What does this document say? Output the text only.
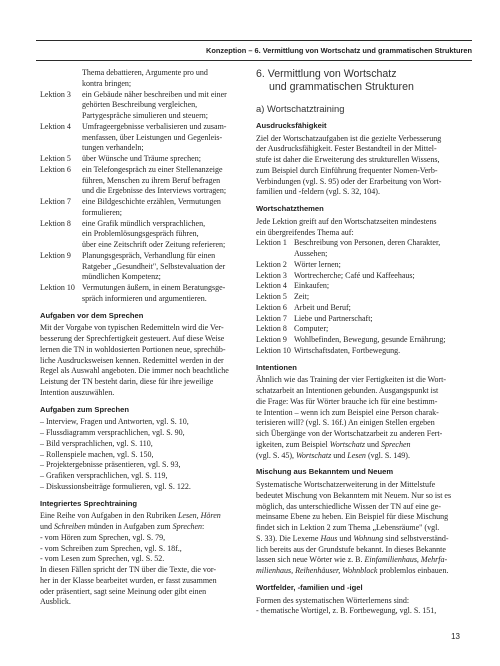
Konzeption – 6. Vermittlung von Wortschatz und grammatischen Strukturen
Thema debattieren, Argumente pro und
kontra bringen;
Lektion 3	ein Gebäude näher beschreiben und mit einer
gehörten Beschreibung vergleichen,
Partygespräche simulieren und steuern;
Lektion 4	Umfrageergebnisse verbalisieren und zusam-
menfassen, über Leistungen und Gegenleis-
tungen verhandeln;
Lektion 5	über Wünsche und Träume sprechen;
Lektion 6	ein Telefongespräch zu einer Stellenanzeige
führen, Menschen zu ihrem Beruf befragen
und die Ergebnisse des Interviews vortragen;
Lektion 7	eine Bildgeschichte erzählen, Vermutungen
formulieren;
Lektion 8	eine Grafik mündlich versprachlichen,
ein Problemlösungsgespräch führen,
über eine Zeitschrift oder Zeitung referieren;
Lektion 9	Planungsgespräch, Verhandlung für einen
Ratgeber „Gesundheit", Selbstevaluation der
mündlichen Kompetenz;
Lektion 10 Vermutungen äußern, in einem Beratungsge-
spräch informieren und argumentieren.
Aufgaben vor dem Sprechen
Mit der Vorgabe von typischen Redemitteln wird die Ver-
besserung der Sprechfertigkeit gesteuert. Auf diese Weise
lernen die TN in wohldosierten Portionen neue, sprechüb-
liche Ausdrucksweisen kennen. Redemittel werden in der
Regel als Auswahl angeboten. Die immer noch beachtliche
Leistung der TN besteht darin, diese für ihre jeweilige
Intention auszuwählen.
Aufgaben zum Sprechen
– Interview, Fragen und Antworten, vgl. S. 10,
– Flussdiagramm versprachlichen, vgl. S. 90,
– Bild versprachlichen, vgl. S. 110,
– Rollenspiele machen, vgl. S. 150,
– Projektergebnisse präsentieren, vgl. S. 93,
– Grafiken versprachlichen, vgl. S. 119,
– Diskussionsbeiträge formulieren, vgl. S. 122.
Integriertes Sprechtraining
Eine Reihe von Aufgaben in den Rubriken Lesen, Hören
und Schreiben münden in Aufgaben zum Sprechen:
- vom Hören zum Sprechen, vgl. S. 79,
- vom Schreiben zum Sprechen, vgl. S. 18f.,
- vom Lesen zum Sprechen, vgl. S. 52.
In diesen Fällen spricht der TN über die Texte, die vor-
her in der Klasse bearbeitet wurden, er fasst zusammen
oder präsentiert, sagt seine Meinung oder gibt einen
Ausblick.
6. Vermittlung von Wortschatz
und grammatischen Strukturen
a) Wortschatztraining
Ausdrucksfähigkeit
Ziel der Wortschatzaufgaben ist die gezielte Verbesserung
der Ausdrucksfähigkeit. Fester Bestandteil in der Mittel-
stufe ist daher die Erweiterung des strukturellen Wissens,
zum Beispiel durch Einführung frequenter Nomen-Verb-
Verbindungen (vgl. S. 95) oder der Erarbeitung von Wort-
familien und -feldern (vgl. S. 32, 104).
Wortschatzthemen
Jede Lektion greift auf den Wortschatzseiten mindestens
ein übergreifendes Thema auf:
Lektion 1 Beschreibung von Personen, deren Charakter,
Aussehen;
Lektion 2 Wörter lernen;
Lektion 3 Wortrecherche; Café und Kaffeehaus;
Lektion 4 Einkaufen;
Lektion 5 Zeit;
Lektion 6 Arbeit und Beruf;
Lektion 7 Liebe und Partnerschaft;
Lektion 8 Computer;
Lektion 9 Wohlbefinden, Bewegung, gesunde Ernährung;
Lektion 10 Wirtschaftsdaten, Fortbewegung.
Intentionen
Ähnlich wie das Training der vier Fertigkeiten ist die Wort-
schatzarbeit an Intentionen gebunden. Ausgangspunkt ist
die Frage: Was für Wörter brauche ich für eine bestimm-
te Intention – wenn ich zum Beispiel eine Person charak-
terisieren will? (vgl. S. 16f.) An einigen Stellen ergeben
sich Übergänge von der Wortschatzarbeit zu anderen Fert-
igkeiten, zum Beispiel Wortschatz und Sprechen
(vgl. S. 45), Wortschatz und Lesen (vgl. S. 149).
Mischung aus Bekanntem und Neuem
Systematische Wortschatzerweiterung in der Mittelstufe
bedeutet Mischung von Bekanntem mit Neuem. Nur so ist es
möglich, das unterschiedliche Wissen der TN auf eine ge-
meinsame Ebene zu heben. Ein Beispiel für diese Mischung
findet sich in Lektion 2 zum Thema „Lebensräume" (vgl.
S. 33). Die Lexeme Haus und Wohnung sind selbstverständ-
lich bereits aus der Grundstufe bekannt. In dieses Bekannte
lassen sich neue Wörter wie z. B. Einfamilienhaus, Mehrfa-
milienhaus, Reihenhäuser, Wohnblock problemlos einbauen.
Wortfelder, -familien und -igel
Formen des systematischen Wörterlernens sind:
- thematische Wortigel, z. B. Fortbewegung, vgl. S. 151,
13
